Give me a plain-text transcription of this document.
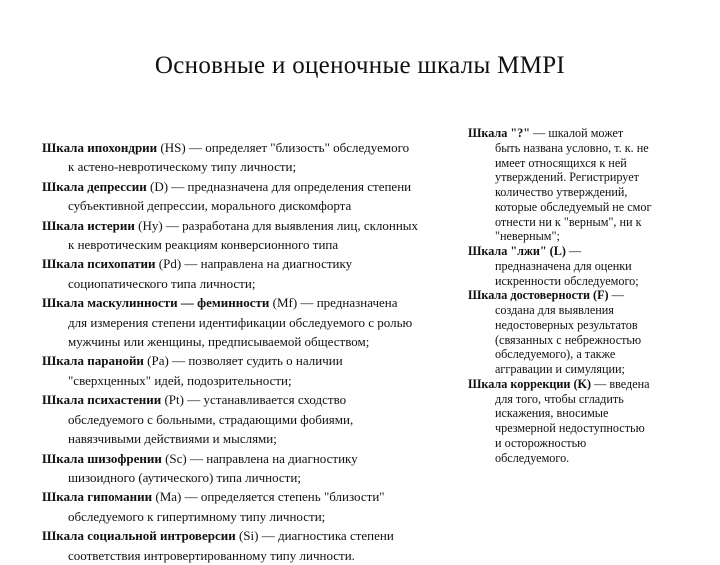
Основные и оценочные шкалы MMPI
Шкала ипохондрии (HS) — определяет "близость" обследуемого
к астено-невротическому типу личности;
Шкала депрессии (D) — предназначена для определения степени
субъективной депрессии, морального дискомфорта
Шкала истерии (Hy) — разработана для выявления лиц, склонных
к невротическим реакциям конверсионного типа
Шкала психопатии (Pd) — направлена на диагностику
социопатического типа личности;
Шкала маскулинности — феминности (Mf) — предназначена
для измерения степени идентификации обследуемого с ролью
мужчины или женщины, предписываемой обществом;
Шкала паранойи (Pa) — позволяет судить о наличии
"сверхценных" идей, подозрительности;
Шкала психастении (Pt) — устанавливается сходство
обследуемого с больными, страдающими фобиями,
навязчивыми действиями и мыслями;
Шкала шизофрении (Sc) — направлена на диагностику
шизоидного (аутического) типа личности;
Шкала гипомании (Ma) — определяется степень "близости"
обследуемого к гипертимному типу личности;
Шкала социальной интроверсии (Si) — диагностика степени
соответствия интровертированному типу личности.
Шкала "?" — шкалой может
быть названа условно, т. к. не
имеет относящихся к ней
утверждений. Регистрирует
количество утверждений,
которые обследуемый не смог
отнести ни к "верным", ни к
"неверным";
Шкала "лжи" (L) —
предназначена для оценки
искренности обследуемого;
Шкала достоверности (F) —
создана для выявления
недостоверных результатов
(связанных с небрежностью
обследуемого), а также
аггравации и симуляции;
Шкала коррекции (K) — введена
для того, чтобы сгладить
искажения, вносимые
чрезмерной недоступностью
и осторожностью
обследуемого.
